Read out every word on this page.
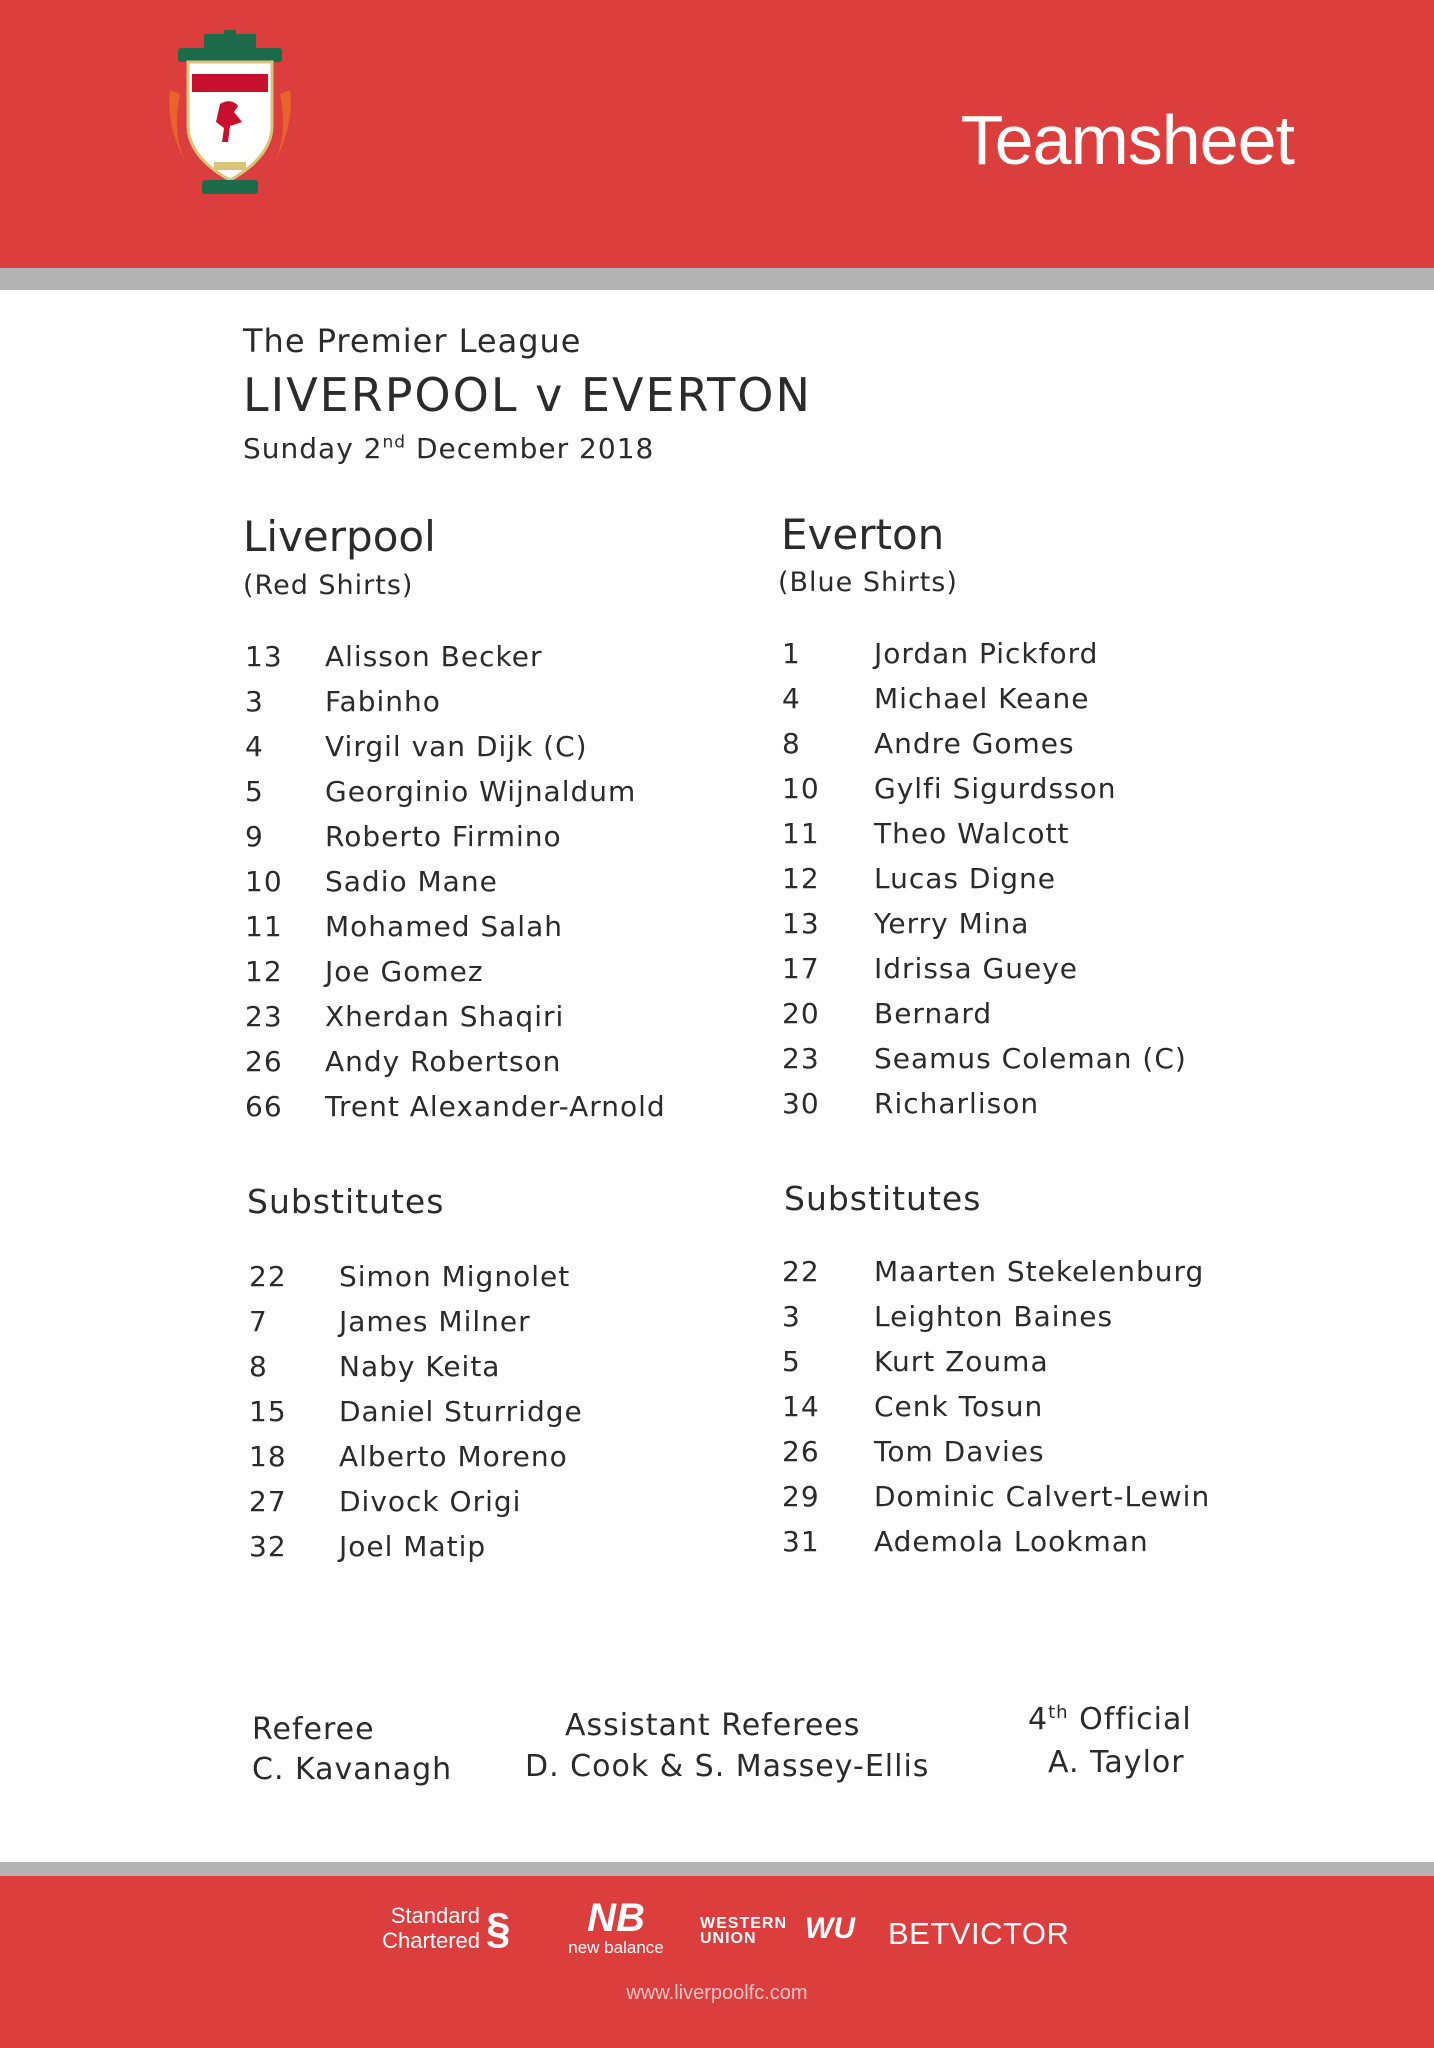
Teamsheet
The Premier League
LIVERPOOL v EVERTON
Sunday 2nd December 2018
Liverpool
(Red Shirts)
13 Alisson Becker
3 Fabinho
4 Virgil van Dijk (C)
5 Georginio Wijnaldum
9 Roberto Firmino
10 Sadio Mane
11 Mohamed Salah
12 Joe Gomez
23 Xherdan Shaqiri
26 Andy Robertson
66 Trent Alexander-Arnold
Substitutes
22 Simon Mignolet
7	James Milner
8	Naby Keita
15 Daniel Sturridge
18 Alberto Moreno
27 Divock Origi
32 Joel Matip
Everton
(Blue Shirts)
1	Jordan Pickford
4	Michael Keane
8	Andre Gomes
10 Gylfi Sigurdsson
11 Theo Walcott
12 Lucas Digne
13 Yerry Mina
17 Idrissa Gueye
20 Bernard
23 Seamus Coleman (C)
30 Richarlison
Substitutes
22 Maarten Stekelenburg
3	Leighton Baines
5	Kurt Zouma
14 Cenk Tosun
26 Tom Davies
29 Dominic Calvert-Lewin
31 Ademola Lookman
Referee
C. Kavanagh
Assistant Referees
D. Cook & S. Massey-Ellis
4th Official
A. Taylor
Standard
Chartered §	NB
new balance
WESTERN
UNION	WU BETVICTOR
www.liverpoolfc.com
